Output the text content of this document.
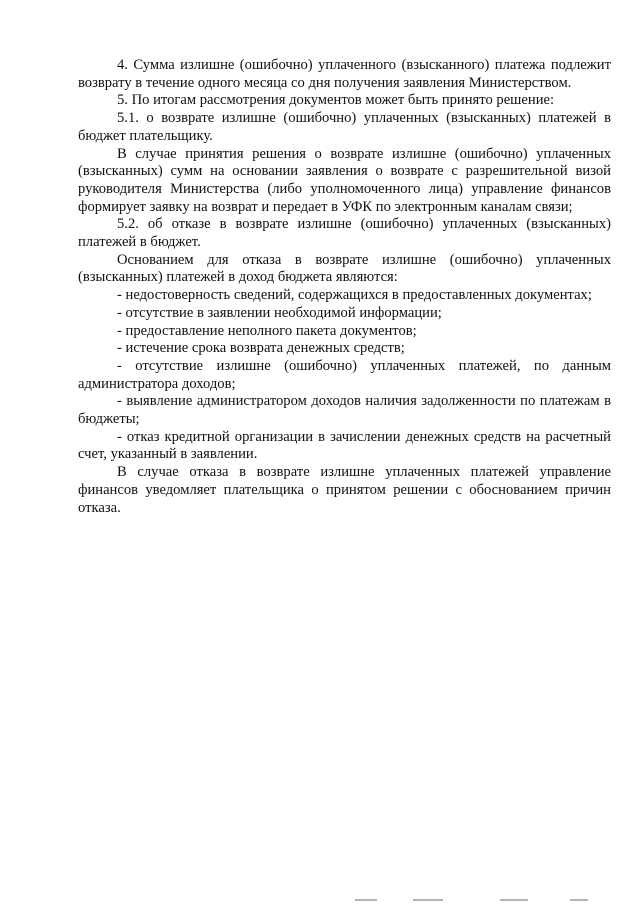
4. Сумма излишне (ошибочно) уплаченного (взысканного) платежа подлежит возврату в течение одного месяца со дня получения заявления Министерством.

5. По итогам рассмотрения документов может быть принято решение:

5.1. о возврате излишне (ошибочно) уплаченных (взысканных) платежей в бюджет плательщику.

В случае принятия решения о возврате излишне (ошибочно) уплаченных (взысканных) сумм на основании заявления о возврате с разрешительной визой руководителя Министерства (либо уполномоченного лица) управление финансов формирует заявку на возврат и передает в УФК по электронным каналам связи;

5.2. об отказе в возврате излишне (ошибочно) уплаченных (взысканных) платежей в бюджет.

Основанием для отказа в возврате излишне (ошибочно) уплаченных (взысканных) платежей в доход бюджета являются:

- недостоверность сведений, содержащихся в предоставленных документах;

- отсутствие в заявлении необходимой информации;

- предоставление неполного пакета документов;

- истечение срока возврата денежных средств;

- отсутствие излишне (ошибочно) уплаченных платежей, по данным администратора доходов;

- выявление администратором доходов наличия задолженности по платежам в бюджеты;

- отказ кредитной организации в зачислении денежных средств на расчетный счет, указанный в заявлении.

В случае отказа в возврате излишне уплаченных платежей управление финансов уведомляет плательщика о принятом решении с обоснованием причин отказа.
